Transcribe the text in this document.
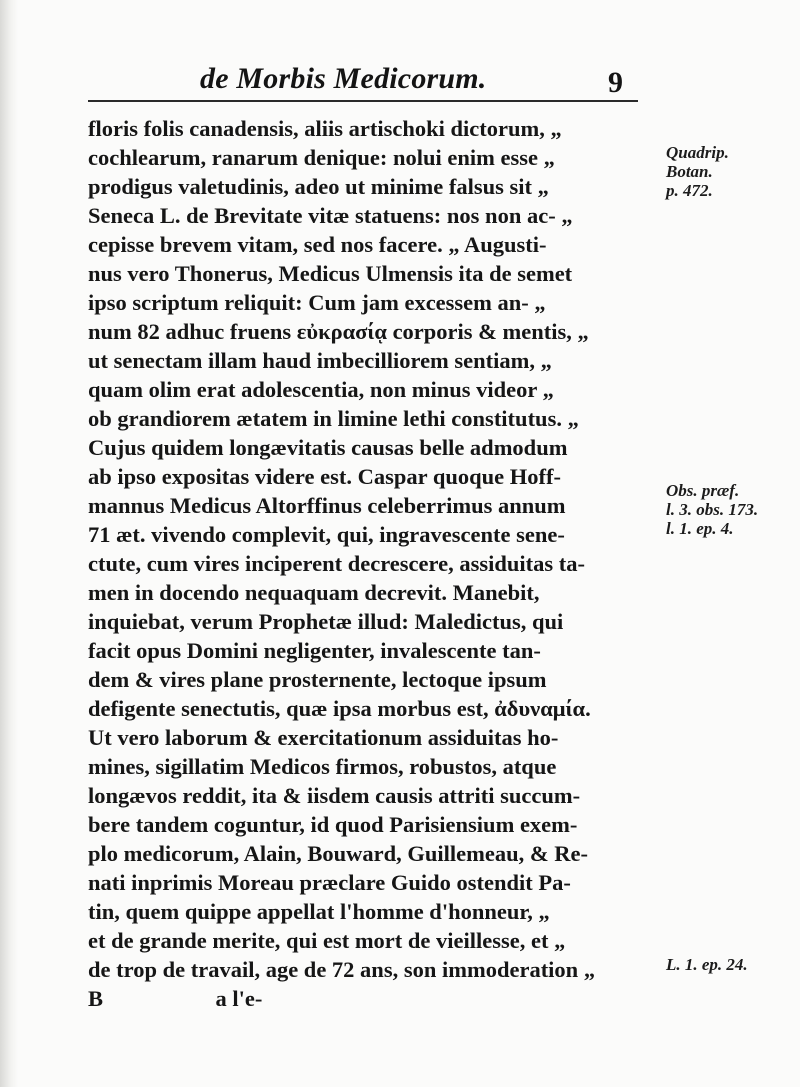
de Morbis Medicorum.	9
floris folis canadensis, aliis artischoki dictorum, „
cochlearum, ranarum denique: nolui enim esse „
prodigus valetudinis, adeo ut minime falsus sit „
Seneca L. de Brevitate vitæ statuens: nos non ac- „
cepisse brevem vitam, sed nos facere. „ Augusti-
nus vero Thonerus, Medicus Ulmensis ita de semet
ipso scriptum reliquit: Cum jam excessem an- „
num 82 adhuc fruens εὐκρασίᾳ corporis & mentis, „
ut senectam illam haud imbecilliorem sentiam, „
quam olim erat adolescentia, non minus videor „
ob grandiorem ætatem in limine lethi constitutus. „
Cujus quidem longævitatis causas belle admodum
ab ipso expositas videre est. Caspar quoque Hoff-
mannus Medicus Altorffinus celeberrimus annum
71 æt. vivendo complevit, qui, ingravescente sene-
ctute, cum vires inciperent decrescere, assiduitas ta-
men in docendo nequaquam decrevit. Manebit,
inquiebat, verum Prophetæ illud: Maledictus, qui
facit opus Domini negligenter, invalescente tan-
dem & vires plane prosternente, lectoque ipsum
defigente senectutis, quæ ipsa morbus est, ἀδυναμία.
Ut vero laborum & exercitationum assiduitas ho-
mines, sigillatim Medicos firmos, robustos, atque
longævos reddit, ita & iisdem causis attriti succum-
bere tandem coguntur, id quod Parisiensium exem-
plo medicorum, Alain, Bouward, Guillemeau, & Re-
nati inprimis Moreau præclare Guido ostendit Pa-
tin, quem quippe appellat l'homme d'honneur, „
et de grande merite, qui est mort de vieillesse, et „
de trop de travail, age de 72 ans, son immoderation „
B                    a l'e-
Quadrip.
Botan.
p. 472.
Obs. præf.
l. 3. obs. 173.
l. 1. ep. 4.
L. 1. ep. 24.
